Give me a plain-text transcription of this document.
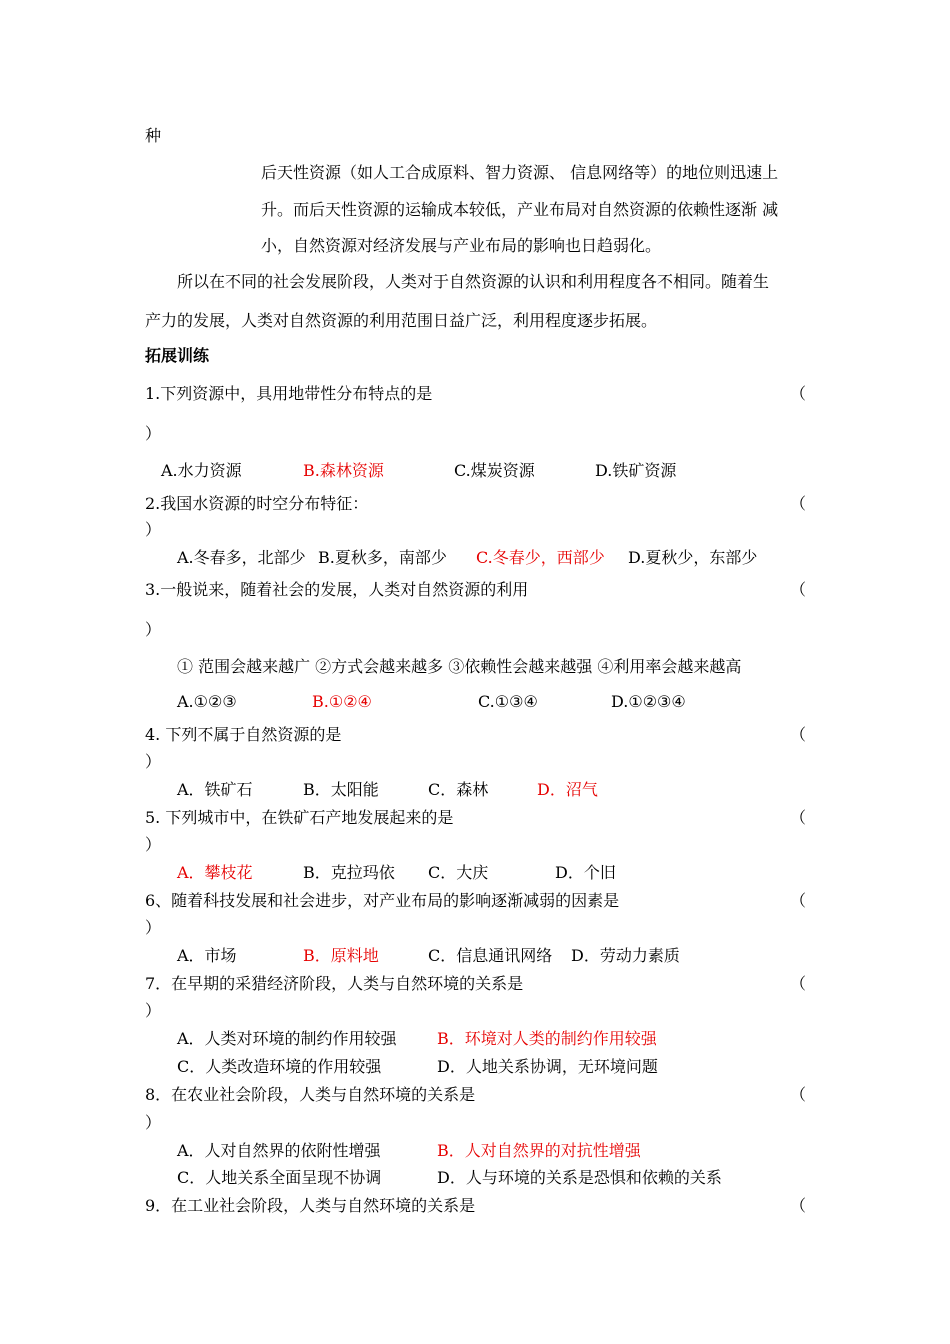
种
后天性资源（如人工合成原料、智力资源、 信息网络等）的地位则迅速上
升。而后天性资源的运输成本较低，产业布局对自然资源的依赖性逐渐 减
小，自然资源对经济发展与产业布局的影响也日趋弱化。
所以在不同的社会发展阶段，人类对于自然资源的认识和利用程度各不相同。随着生
产力的发展，人类对自然资源的利用范围日益广泛，利用程度逐步拓展。
拓展训练
1.下列资源中，具用地带性分布特点的是	（
）
A.水力资源	B.森林资源	C.煤炭资源	D.铁矿资源
2.我国水资源的时空分布特征：	（
）
A.冬春多，北部少 B.夏秋多，南部少 C.冬春少，西部少 D.夏秋少，东部少
3.一般说来，随着社会的发展，人类对自然资源的利用	（
）
① 范围会越来越广 ②方式会越来越多 ③依赖性会越来越强 ④利用率会越来越高
A.①②③	B.①②④	C.①③④	D.①②③④
4. 下列不属于自然资源的是	（
）
A．铁矿石	B．太阳能	C．森林	D．沼气
5. 下列城市中，在铁矿石产地发展起来的是	（
）
A．攀枝花	B．克拉玛依 C．大庆	D．个旧
6、随着科技发展和社会进步，对产业布局的影响逐渐减弱的因素是	（
）
A．市场	B．原料地	C．信息通讯网络 D．劳动力素质
7．在早期的采猎经济阶段，人类与自然环境的关系是	（
）
A．人类对环境的制约作用较强	B．环境对人类的制约作用较强
C．人类改造环境的作用较强	D．人地关系协调，无环境问题
8．在农业社会阶段，人类与自然环境的关系是	（
）
A．人对自然界的依附性增强	B．人对自然界的对抗性增强
C．人地关系全面呈现不协调	D．人与环境的关系是恐惧和依赖的关系
9．在工业社会阶段，人类与自然环境的关系是	（
